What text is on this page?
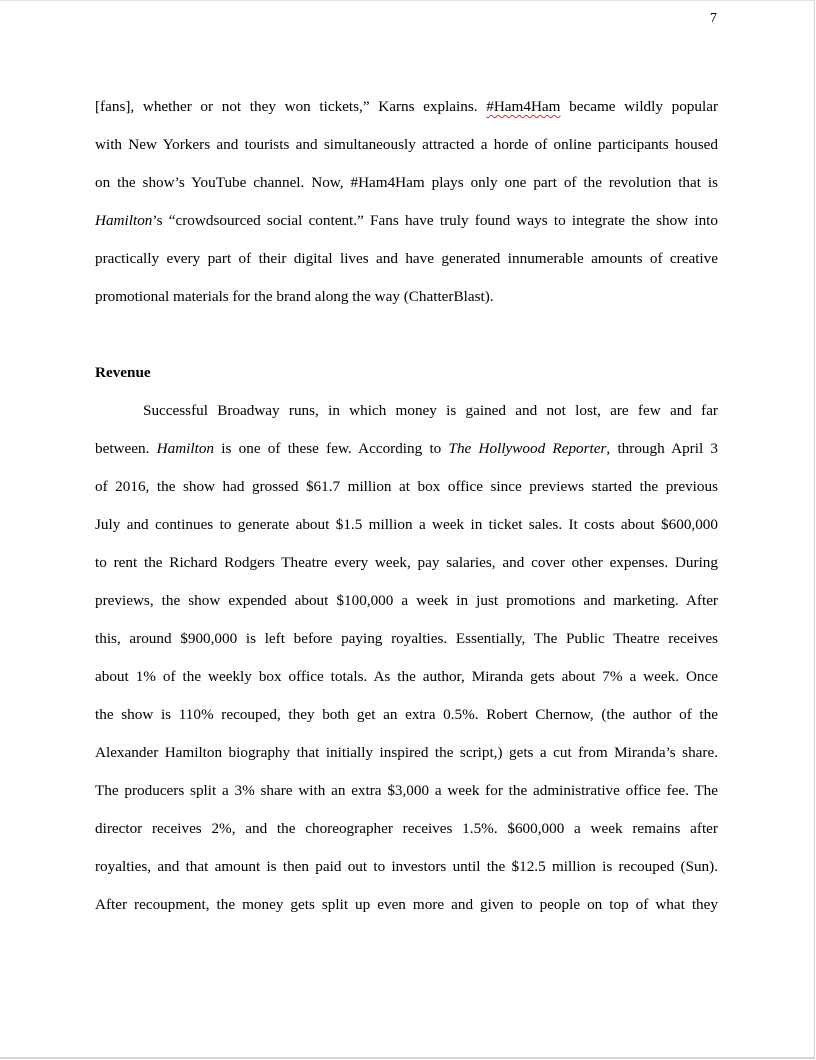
7
[fans], whether or not they won tickets,” Karns explains. #Ham4Ham became wildly popular
with New Yorkers and tourists and simultaneously attracted a horde of online participants housed
on the show’s YouTube channel. Now, #Ham4Ham plays only one part of the revolution that is
Hamilton’s “crowdsourced social content.” Fans have truly found ways to integrate the show into
practically every part of their digital lives and have generated innumerable amounts of creative
promotional materials for the brand along the way (ChatterBlast).
Revenue
Successful Broadway runs, in which money is gained and not lost, are few and far
between. Hamilton is one of these few. According to The Hollywood Reporter, through April 3
of 2016, the show had grossed $61.7 million at box office since previews started the previous
July and continues to generate about $1.5 million a week in ticket sales. It costs about $600,000
to rent the Richard Rodgers Theatre every week, pay salaries, and cover other expenses. During
previews, the show expended about $100,000 a week in just promotions and marketing. After
this, around $900,000 is left before paying royalties. Essentially, The Public Theatre receives
about 1% of the weekly box office totals. As the author, Miranda gets about 7% a week. Once
the show is 110% recouped, they both get an extra 0.5%. Robert Chernow, (the author of the
Alexander Hamilton biography that initially inspired the script,) gets a cut from Miranda’s share.
The producers split a 3% share with an extra $3,000 a week for the administrative office fee. The
director receives 2%, and the choreographer receives 1.5%. $600,000 a week remains after
royalties, and that amount is then paid out to investors until the $12.5 million is recouped (Sun).
After recoupment, the money gets split up even more and given to people on top of what they
